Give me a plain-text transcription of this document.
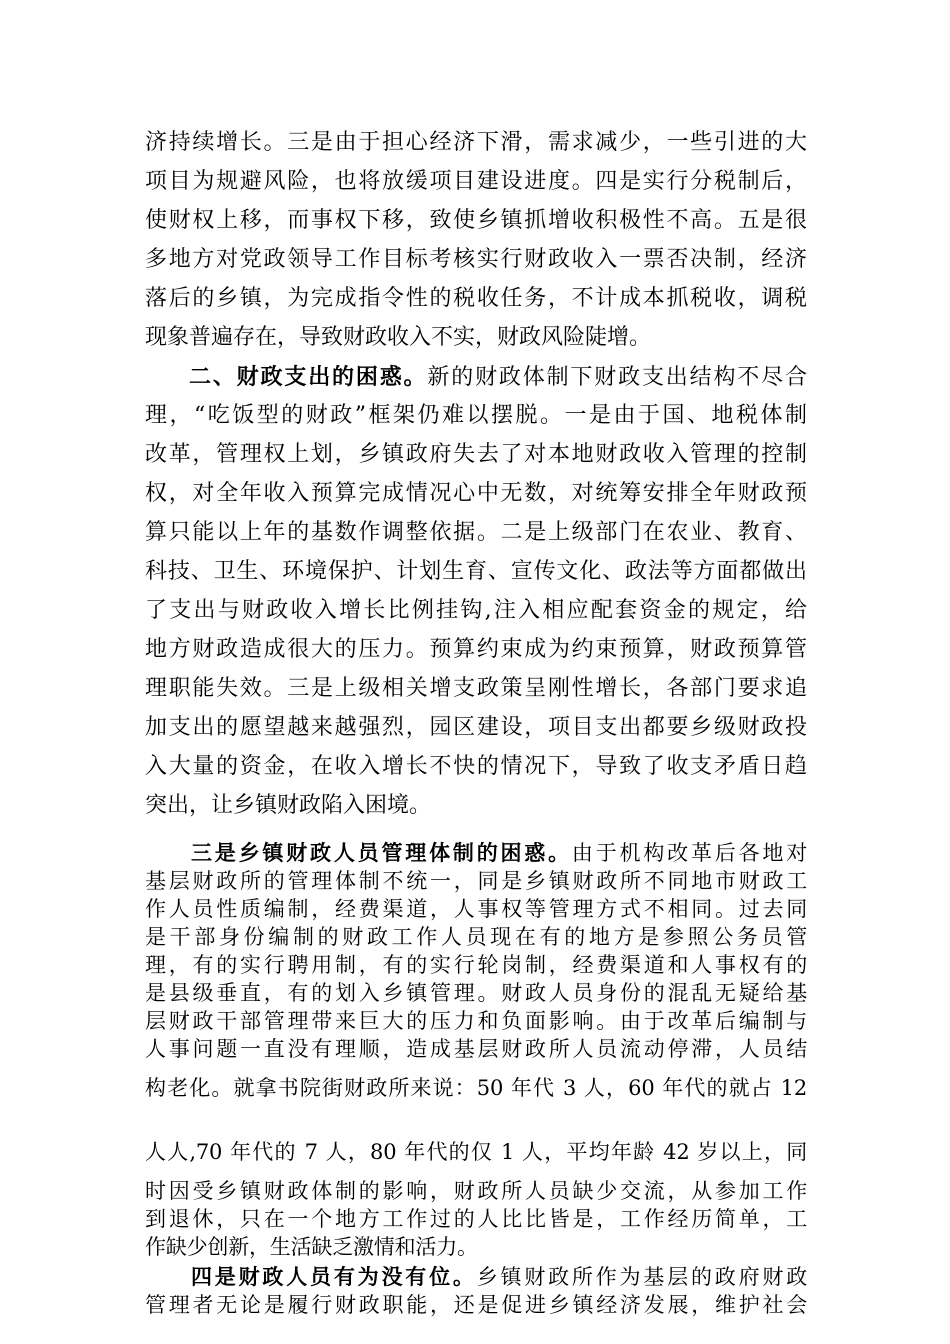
济持续增长。三是由于担心经济下滑，需求减少，一些引进的大
项目为规避风险，也将放缓项目建设进度。四是实行分税制后，
使财权上移，而事权下移，致使乡镇抓增收积极性不高。五是很
多地方对党政领导工作目标考核实行财政收入一票否决制，经济
落后的乡镇，为完成指令性的税收任务，不计成本抓税收，调税
现象普遍存在，导致财政收入不实，财政风险陡增。
二、财政支出的困惑。新的财政体制下财政支出结构不尽合
理，“吃饭型的财政”框架仍难以摆脱。一是由于国、地税体制
改革，管理权上划，乡镇政府失去了对本地财政收入管理的控制
权，对全年收入预算完成情况心中无数，对统筹安排全年财政预
算只能以上年的基数作调整依据。二是上级部门在农业、教育、
科技、卫生、环境保护、计划生育、宣传文化、政法等方面都做出
了支出与财政收入增长比例挂钩,注入相应配套资金的规定，给
地方财政造成很大的压力。预算约束成为约束预算，财政预算管
理职能失效。三是上级相关增支政策呈刚性增长，各部门要求追
加支出的愿望越来越强烈，园区建设，项目支出都要乡级财政投
入大量的资金，在收入增长不快的情况下，导致了收支矛盾日趋
突出，让乡镇财政陷入困境。
三是乡镇财政人员管理体制的困惑。由于机构改革后各地对
基层财政所的管理体制不统一，同是乡镇财政所不同地市财政工
作人员性质编制，经费渠道，人事权等管理方式不相同。过去同
是干部身份编制的财政工作人员现在有的地方是参照公务员管
理，有的实行聘用制，有的实行轮岗制，经费渠道和人事权有的
是县级垂直，有的划入乡镇管理。财政人员身份的混乱无疑给基
层财政干部管理带来巨大的压力和负面影响。由于改革后编制与
人事问题一直没有理顺，造成基层财政所人员流动停滞，人员结
构老化。就拿书院街财政所来说：50 年代 3 人，60 年代的就占 12
人人,70 年代的 7 人，80 年代的仅 1 人，平均年龄 42 岁以上，同
时因受乡镇财政体制的影响，财政所人员缺少交流，从参加工作
到退休，只在一个地方工作过的人比比皆是，工作经历简单，工
作缺少创新，生活缺乏激情和活力。
四是财政人员有为没有位。乡镇财政所作为基层的政府财政
管理者无论是履行财政职能，还是促进乡镇经济发展，维护社会
